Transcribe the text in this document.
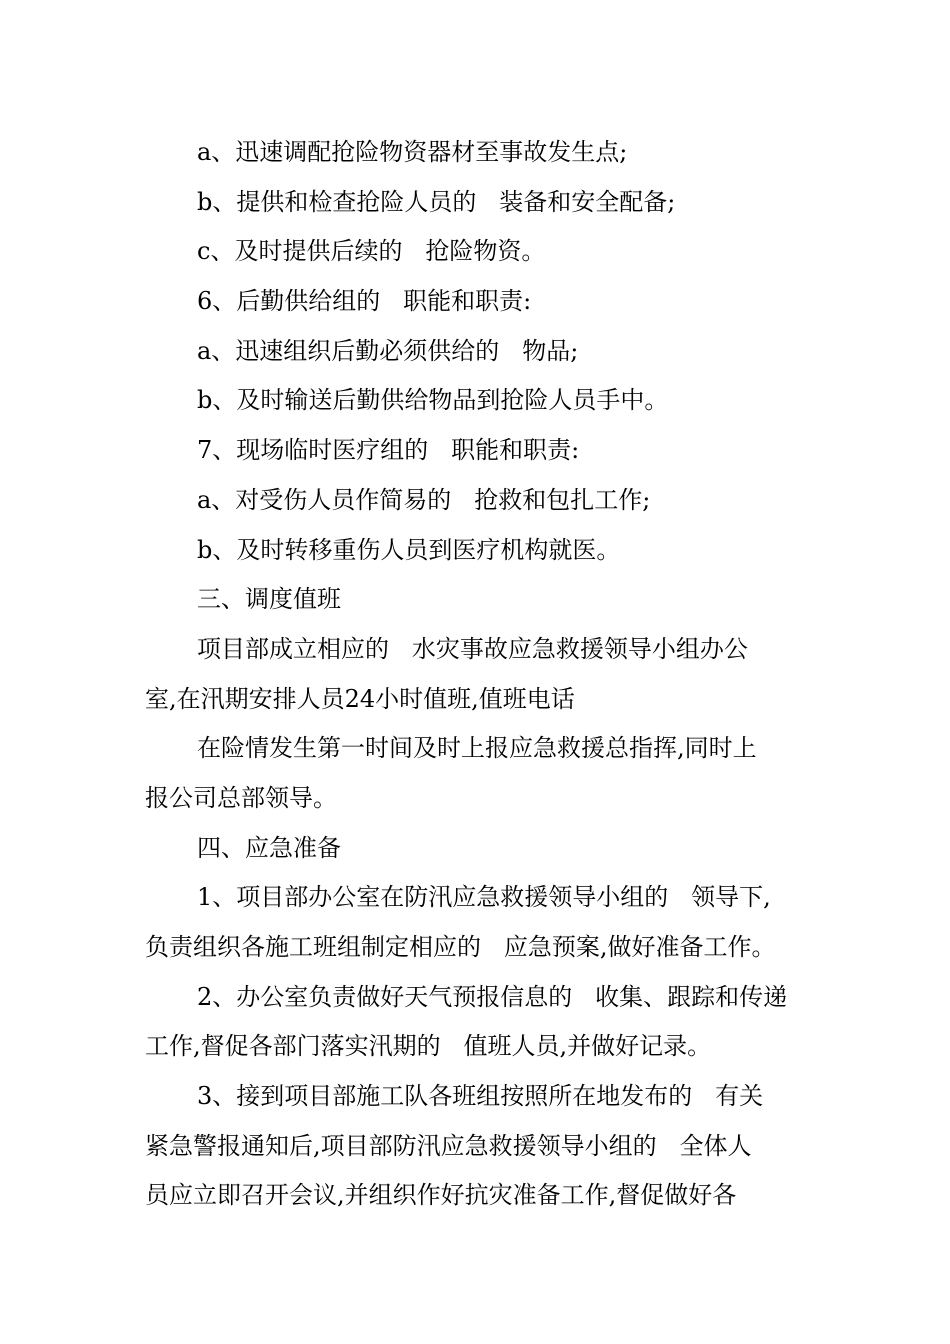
a、迅速调配抢险物资器材至事故发生点;
b、提供和检查抢险人员的   装备和安全配备;
c、及时提供后续的   抢险物资。
6、后勤供给组的   职能和职责:
a、迅速组织后勤必须供给的   物品;
b、及时输送后勤供给物品到抢险人员手中。
7、现场临时医疗组的   职能和职责:
a、对受伤人员作简易的   抢救和包扎工作;
b、及时转移重伤人员到医疗机构就医。
三、调度值班
项目部成立相应的   水灾事故应急救援领导小组办公
室,在汛期安排人员24小时值班,值班电话
在险情发生第一时间及时上报应急救援总指挥,同时上
报公司总部领导。
四、应急准备
1、项目部办公室在防汛应急救援领导小组的   领导下,
负责组织各施工班组制定相应的   应急预案,做好准备工作。
2、办公室负责做好天气预报信息的   收集、跟踪和传递
工作,督促各部门落实汛期的   值班人员,并做好记录。
3、接到项目部施工队各班组按照所在地发布的   有关
紧急警报通知后,项目部防汛应急救援领导小组的   全体人
员应立即召开会议,并组织作好抗灾准备工作,督促做好各
